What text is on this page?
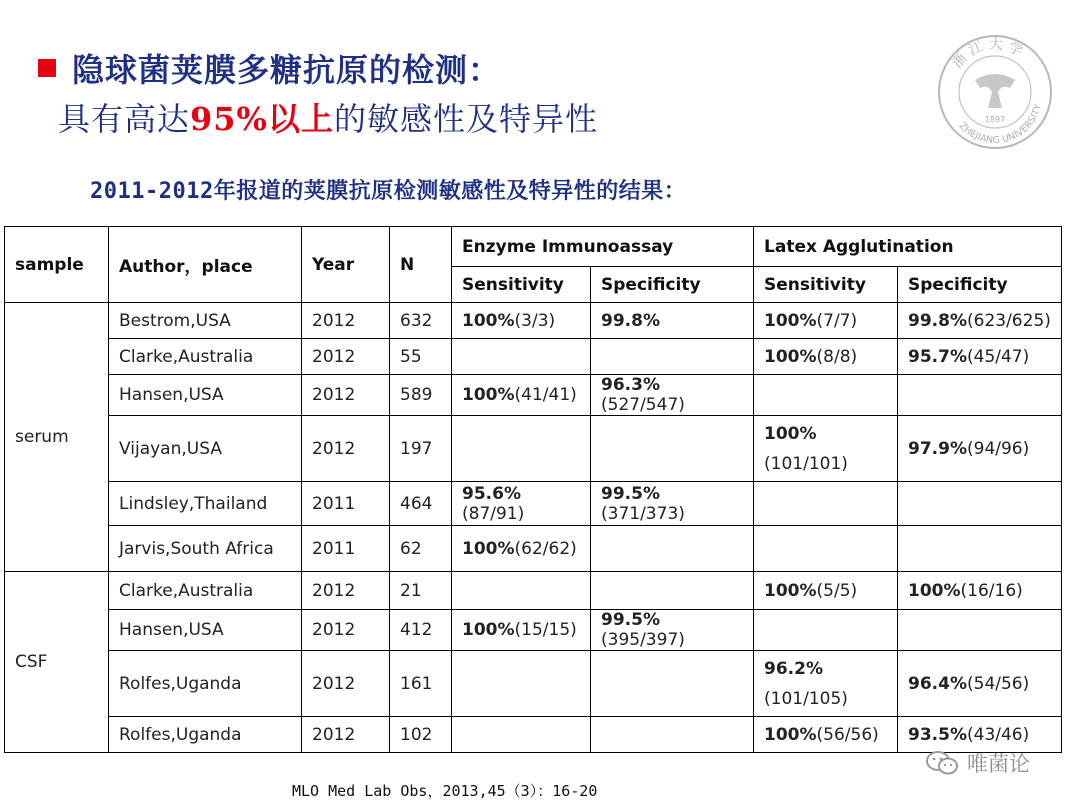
隐球菌荚膜多糖抗原的检测：
具有高达95%以上的敏感性及特异性
浙 江 大 学
ZHEJIANG UNIVERSITY
1897
2011-2012年报道的荚膜抗原检测敏感性及特异性的结果：
sample	Author，place	Year	N	Enzyme Immunoassay		Latex Agglutination	
				Sensitivity	Specificity	Sensitivity	Specificity
serum	Bestrom,USA	2012	632	100%(3/3)	99.8%	100%(7/7)	99.8%(623/625)
	Clarke,Australia	2012	55			100%(8/8)	95.7%(45/47)
	Hansen,USA	2012	589	100%(41/41)	96.3%(527/547)		
	Vijayan,USA	2012	197			100%
(101/101)	97.9%(94/96)
	Lindsley,Thailand	2011	464	95.6%(87/91)	99.5%(371/373)		
	Jarvis,South Africa	2011	62	100%(62/62)			
CSF	Clarke,Australia	2012	21			100%(5/5)	100%(16/16)
	Hansen,USA	2012	412	100%(15/15)	99.5%(395/397)		
	Rolfes,Uganda	2012	161			96.2%
(101/105)	96.4%(54/56)
	Rolfes,Uganda	2012	102			100%(56/56)	93.5%(43/46)
MLO Med Lab Obs，2013,45（3）：16-20
唯菌论
